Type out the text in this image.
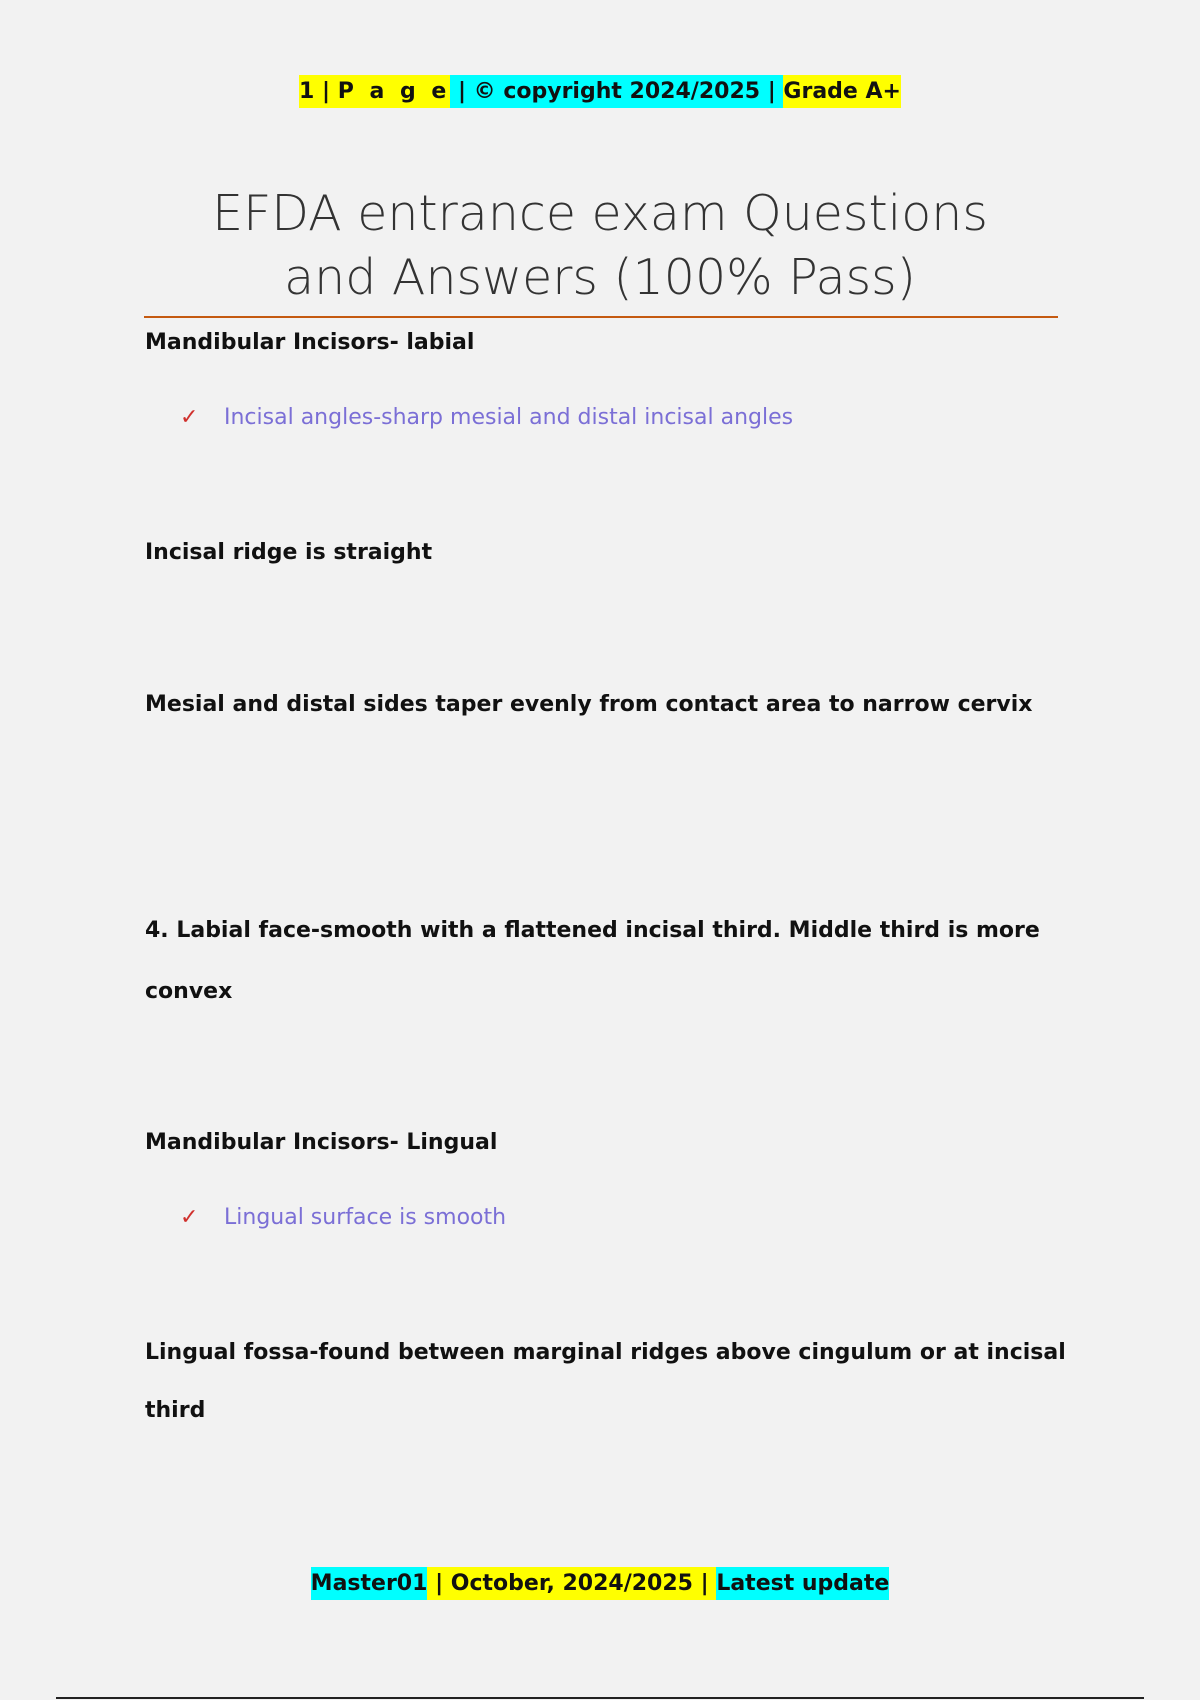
1 | P a g e | © copyright 2024/2025 | Grade A+
EFDA entrance exam Questions
and Answers (100% Pass)

Mandibular Incisors- labial

✓ Incisal angles-sharp mesial and distal incisal angles

Incisal ridge is straight

Mesial and distal sides taper evenly from contact area to narrow cervix

4. Labial face-smooth with a flattened incisal third. Middle third is more

convex

Mandibular Incisors- Lingual

✓ Lingual surface is smooth

Lingual fossa-found between marginal ridges above cingulum or at incisal

third

Master01 | October, 2024/2025 | Latest update
